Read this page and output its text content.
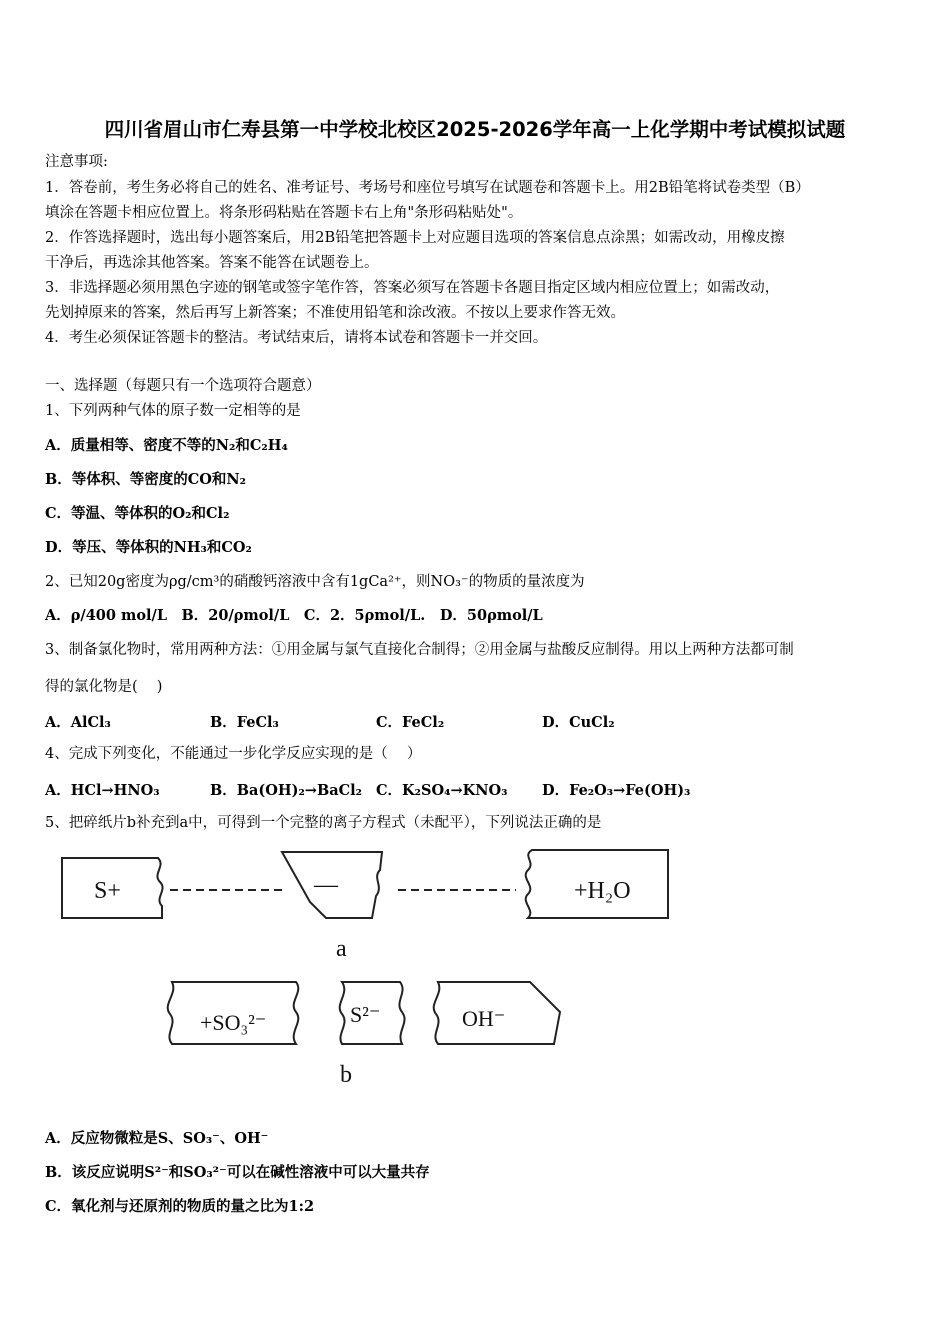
四川省眉山市仁寿县第一中学校北校区2025-2026学年高一上化学期中考试模拟试题
注意事项:
1．答卷前，考生务必将自己的姓名、准考证号、考场号和座位号填写在试题卷和答题卡上。用2B铅笔将试卷类型（B）
填涂在答题卡相应位置上。将条形码粘贴在答题卡右上角"条形码粘贴处"。
2．作答选择题时，选出每小题答案后，用2B铅笔把答题卡上对应题目选项的答案信息点涂黑；如需改动，用橡皮擦
干净后，再选涂其他答案。答案不能答在试题卷上。
3．非选择题必须用黑色字迹的钢笔或签字笔作答，答案必须写在答题卡各题目指定区域内相应位置上；如需改动，
先划掉原来的答案，然后再写上新答案；不准使用铅笔和涂改液。不按以上要求作答无效。
4．考生必须保证答题卡的整洁。考试结束后，请将本试卷和答题卡一并交回。
一、选择题（每题只有一个选项符合题意）
1、下列两种气体的原子数一定相等的是
A．质量相等、密度不等的N₂和C₂H₄
B．等体积、等密度的CO和N₂
C．等温、等体积的O₂和Cl₂
D．等压、等体积的NH₃和CO₂
2、已知20g密度为ρg/cm³的硝酸钙溶液中含有1gCa²⁺，则NO₃⁻的物质的量浓度为
A．ρ/400 mol/L　B．20/ρmol/L　C．2．5ρmol/L.　D．50ρmol/L
3、制备氯化物时，常用两种方法：①用金属与氯气直接化合制得；②用金属与盐酸反应制得。用以上两种方法都可制
得的氯化物是(　 )
A．AlCl₃	B．FeCl₃	C．FeCl₂	D．CuCl₂
4、完成下列变化，不能通过一步化学反应实现的是（　 ）
A．HCl→HNO₃	B．Ba(OH)₂→BaCl₂ C．K₂SO₄→KNO₃ D．Fe₂O₃→Fe(OH)₃
5、把碎纸片b补充到a中，可得到一个完整的离子方程式（未配平），下列说法正确的是
S+	—	+H₂O
a
+SO₃²⁻	S²⁻	OH⁻
b
A．反应物微粒是S、SO₃⁻、OH⁻
B．该反应说明S²⁻和SO₃²⁻可以在碱性溶液中可以大量共存
C．氧化剂与还原剂的物质的量之比为1:2
